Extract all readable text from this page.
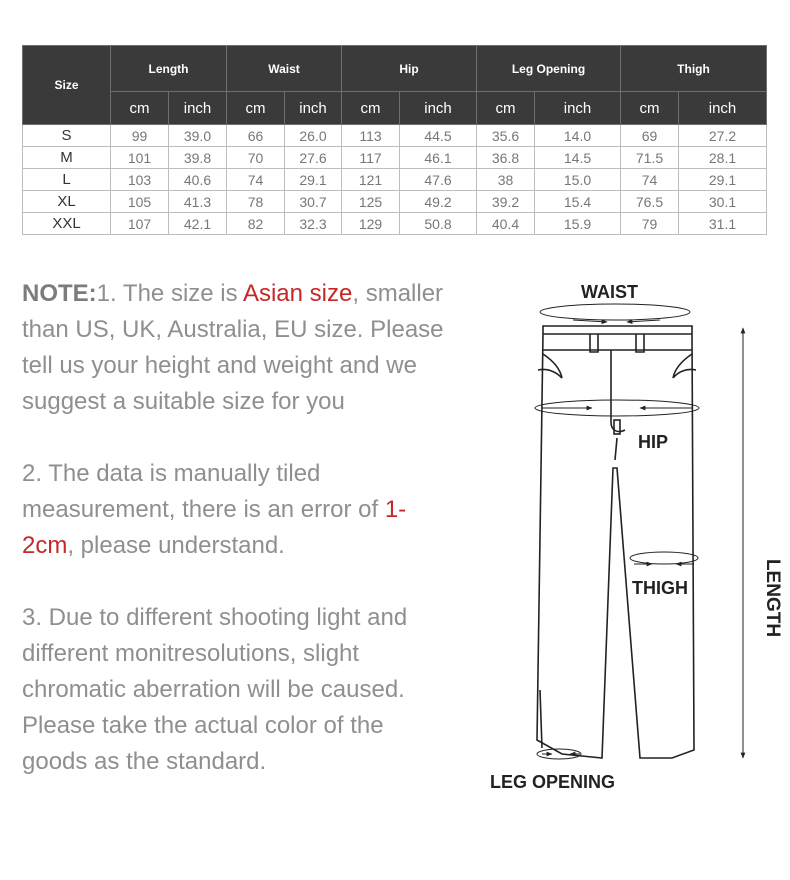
Size	Length		Waist		Hip		Leg Opening		Thigh	
	cm	inch	cm	inch	cm	inch	cm	inch	cm	inch
S	99	39.0	66	26.0	113	44.5	35.6	14.0	69	27.2
M	101	39.8	70	27.6	117	46.1	36.8	14.5	71.5	28.1
L	103	40.6	74	29.1	121	47.6	38	15.0	74	29.1
XL	105	41.3	78	30.7	125	49.2	39.2	15.4	76.5	30.1
XXL	107	42.1	82	32.3	129	50.8	40.4	15.9	79	31.1

NOTE:1. The size is Asian size, smaller than US, UK, Australia, EU size. Please tell us your height and weight and we suggest a suitable size for you

2. The data is manually tiled measurement, there is an error of 1-2cm, please understand.

3. Due to different shooting light and different monitresolutions, slight chromatic aberration will be caused. Please take the actual color of the goods as the standard.

WAIST
HIP
THIGH
LEG OPENING
LENGTH
